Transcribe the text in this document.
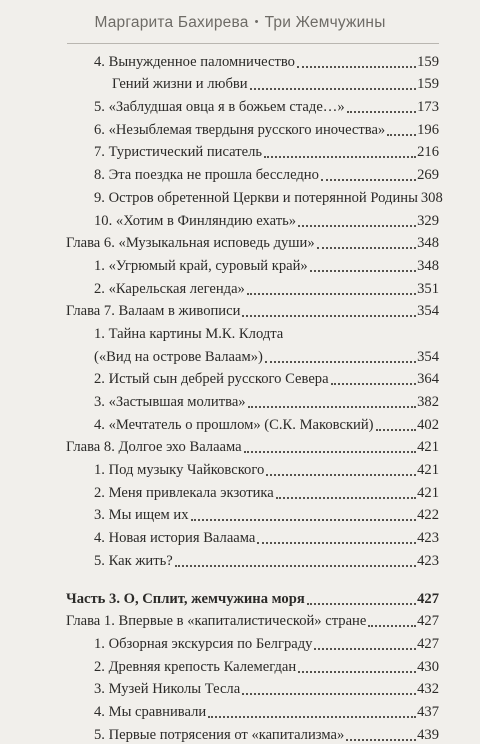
Маргарита Бахирева • Три Жемчужины
4. Вынужденное паломничество	159
Гений жизни и любви	159
5. «Заблудшая овца я в божьем стаде…»	173
6. «Незыблемая твердыня русского иночества» 196
7. Туристический писатель	216
8. Эта поездка не прошла бесследно	269
9. Остров обретенной Церкви и потерянной Родины 308
10. «Хотим в Финляндию ехать»	329
Глава 6. «Музыкальная исповедь души»	348
1. «Угрюмый край, суровый край»	348
2. «Карельская легенда»	351
Глава 7. Валаам в живописи	354
1. Тайна картины М.К. Клодта
(«Вид на острове Валаам»)	354
2. Истый сын дебрей русского Севера	364
3. «Застывшая молитва»	382
4. «Мечтатель о прошлом» (С.К. Маковский)	402
Глава 8. Долгое эхо Валаама	421
1. Под музыку Чайковского	421
2. Меня привлекала экзотика	421
3. Мы ищем их	422
4. Новая история Валаама	423
5. Как жить?	423
Часть 3. О, Сплит, жемчужина моря	427
Глава 1. Впервые в «капиталистической» стране	427
1. Обзорная экскурсия по Белграду	427
2. Древняя крепость Калемегдан	430
3. Музей Николы Тесла	432
4. Мы сравнивали	437
5. Первые потрясения от «капитализма»	439
